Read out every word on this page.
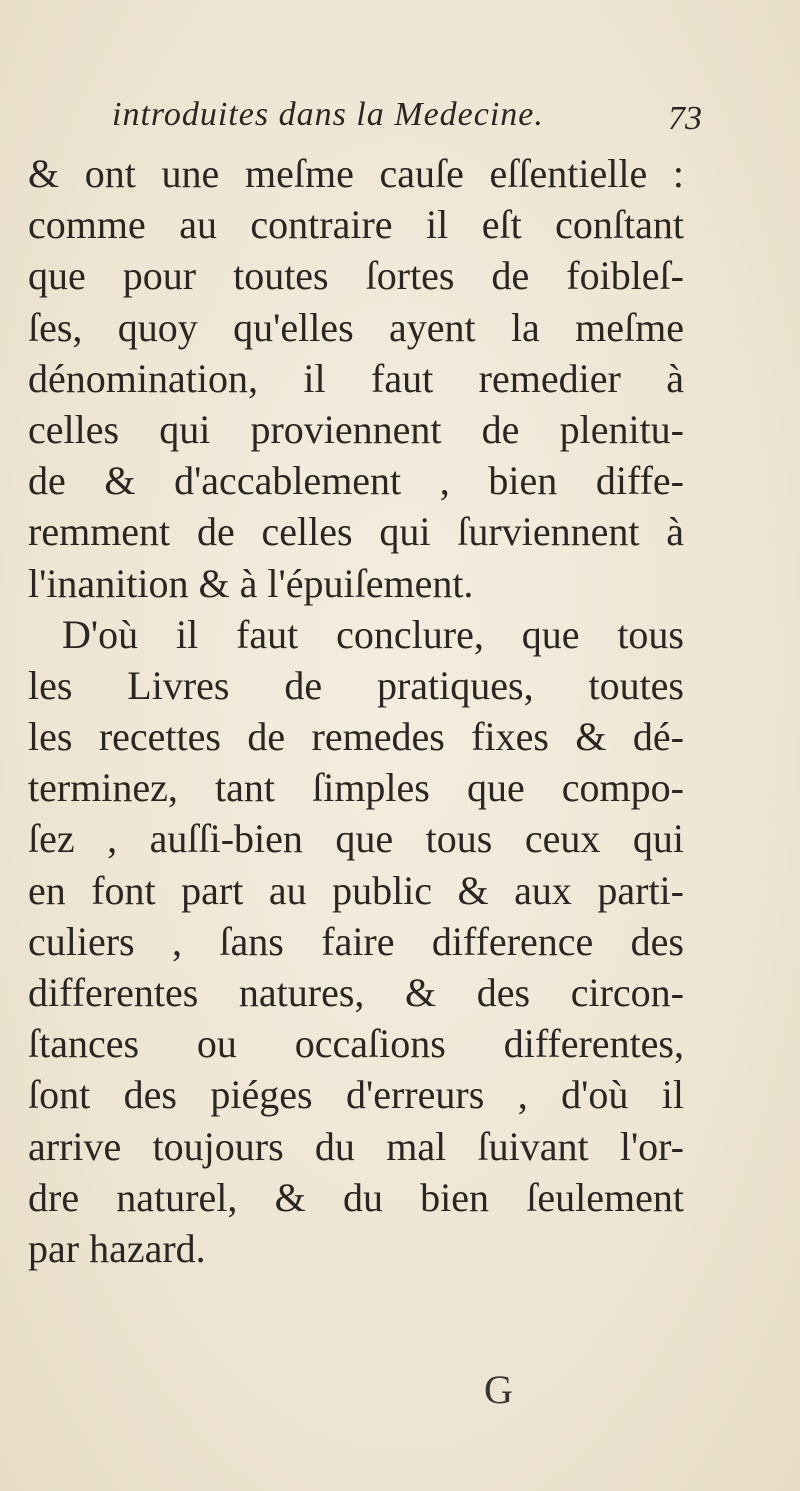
introduites dans la Medecine.	73
& ont une meſme cauſe eſſentielle :
comme au contraire il eſt conſtant
que pour toutes ſortes de foibleſ-
ſes, quoy qu'elles ayent la meſme
dénomination, il faut remedier à
celles qui proviennent de plenitu-
de & d'accablement , bien diffe-
remment de celles qui ſurviennent à
l'inanition & à l'épuiſement.
D'où il faut conclure, que tous
les Livres de pratiques, toutes
les recettes de remedes fixes & dé-
terminez, tant ſimples que compo-
ſez , auſſi-bien que tous ceux qui
en font part au public & aux parti-
culiers , ſans faire difference des
differentes natures, & des circon-
ſtances ou occaſions differentes,
ſont des piéges d'erreurs , d'où il
arrive toujours du mal ſuivant l'or-
dre naturel, & du bien ſeulement
par hazard.
G
